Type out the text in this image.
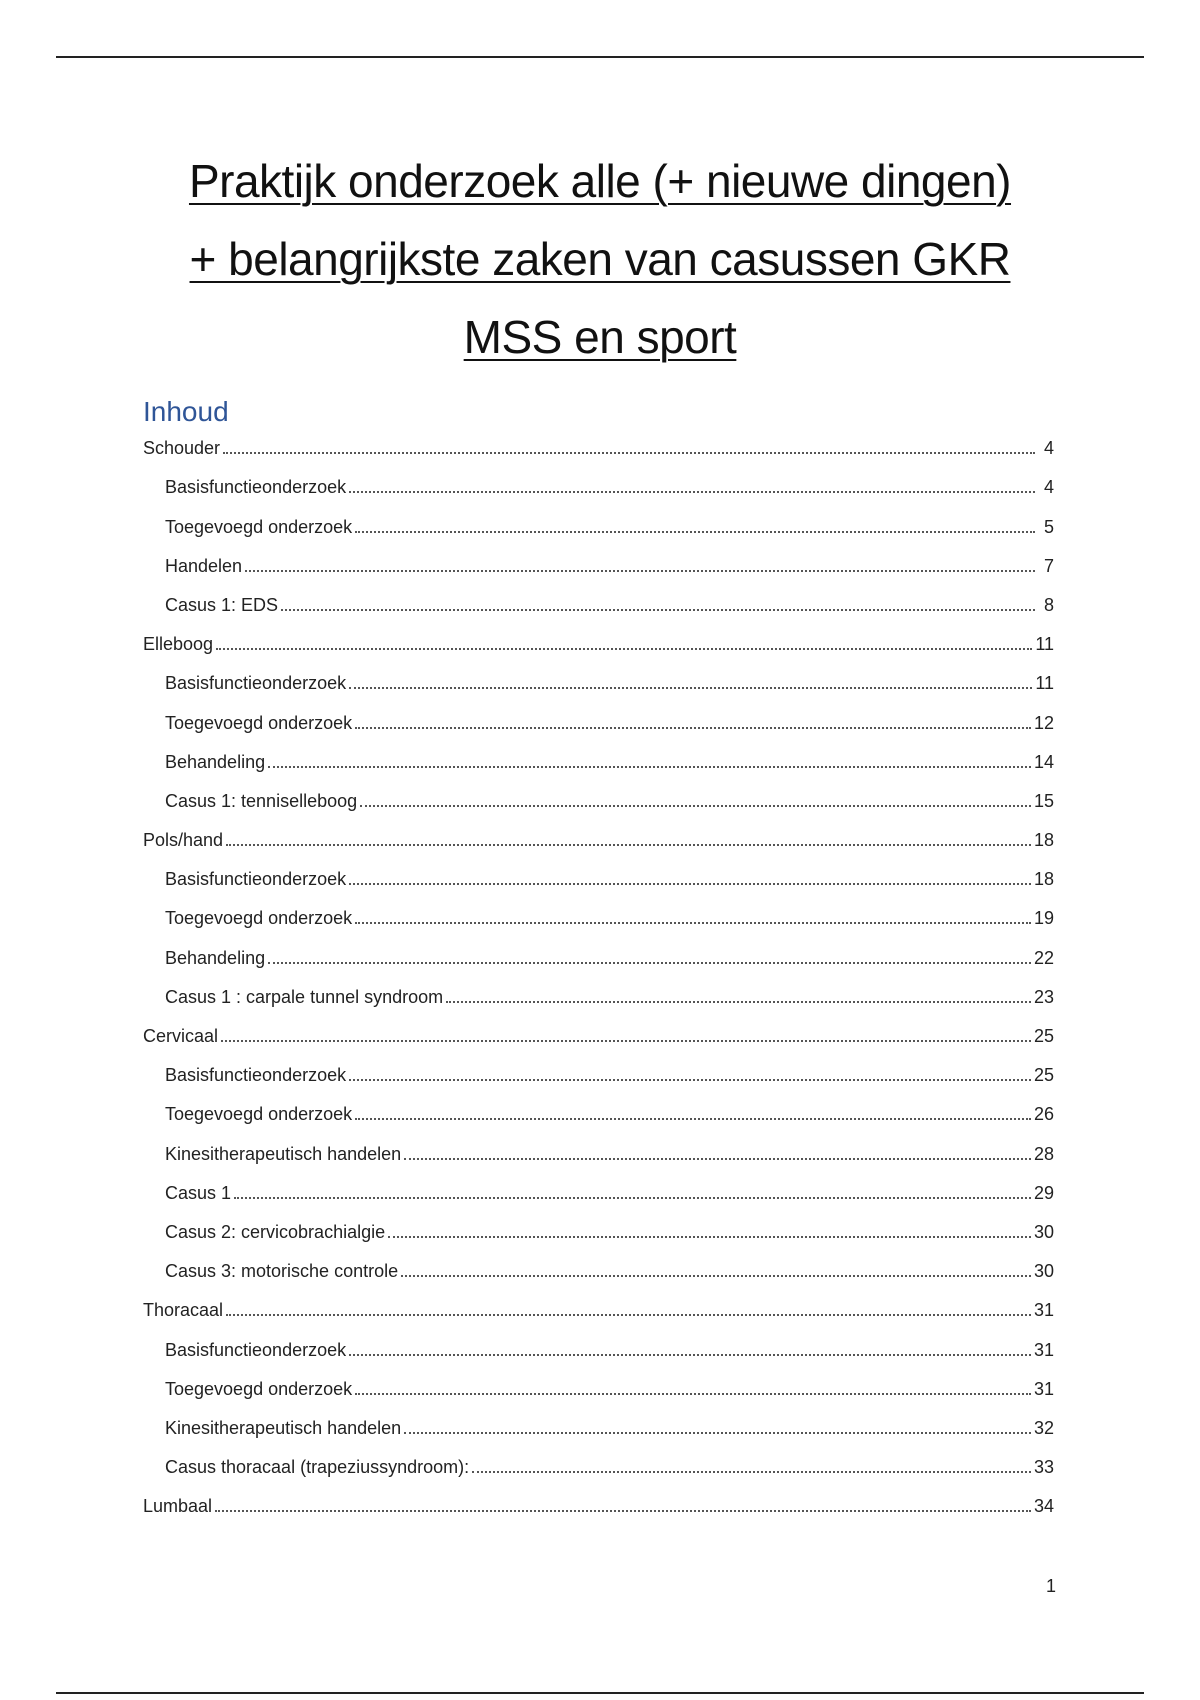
Praktijk onderzoek alle (+ nieuwe dingen)
+ belangrijkste zaken van casussen GKR
MSS en sport
Inhoud
Schouder	4
Basisfunctieonderzoek	4
Toegevoegd onderzoek	5
Handelen	7
Casus 1: EDS	8
Elleboog	11
Basisfunctieonderzoek	11
Toegevoegd onderzoek	12
Behandeling	14
Casus 1: tenniselleboog	15
Pols/hand	18
Basisfunctieonderzoek	18
Toegevoegd onderzoek	19
Behandeling	22
Casus 1 : carpale tunnel syndroom	23
Cervicaal	25
Basisfunctieonderzoek	25
Toegevoegd onderzoek	26
Kinesitherapeutisch handelen	28
Casus 1	29
Casus 2: cervicobrachialgie	30
Casus 3: motorische controle	30
Thoracaal	31
Basisfunctieonderzoek	31
Toegevoegd onderzoek	31
Kinesitherapeutisch handelen	32
Casus thoracaal (trapeziussyndroom):	33
Lumbaal	34
1
